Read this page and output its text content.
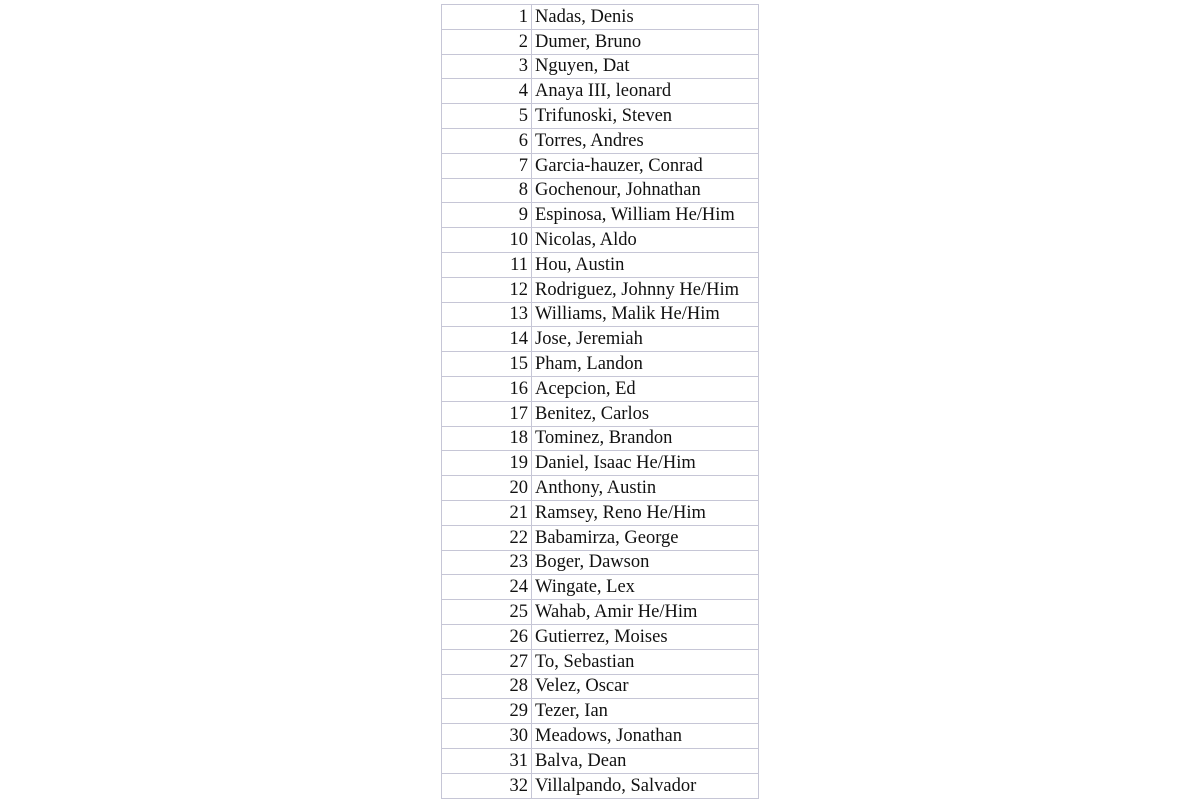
1	Nadas, Denis
2	Dumer, Bruno
3	Nguyen, Dat
4	Anaya III, leonard
5	Trifunoski, Steven
6	Torres, Andres
7	Garcia-hauzer, Conrad
8	Gochenour, Johnathan
9	Espinosa, William He/Him
10	Nicolas, Aldo
11	Hou, Austin
12	Rodriguez, Johnny He/Him
13	Williams, Malik He/Him
14	Jose, Jeremiah
15	Pham, Landon
16	Acepcion, Ed
17	Benitez, Carlos
18	Tominez, Brandon
19	Daniel, Isaac He/Him
20	Anthony, Austin
21	Ramsey, Reno He/Him
22	Babamirza, George
23	Boger, Dawson
24	Wingate, Lex
25	Wahab, Amir He/Him
26	Gutierrez, Moises
27	To, Sebastian
28	Velez, Oscar
29	Tezer, Ian
30	Meadows, Jonathan
31	Balva, Dean
32	Villalpando, Salvador
